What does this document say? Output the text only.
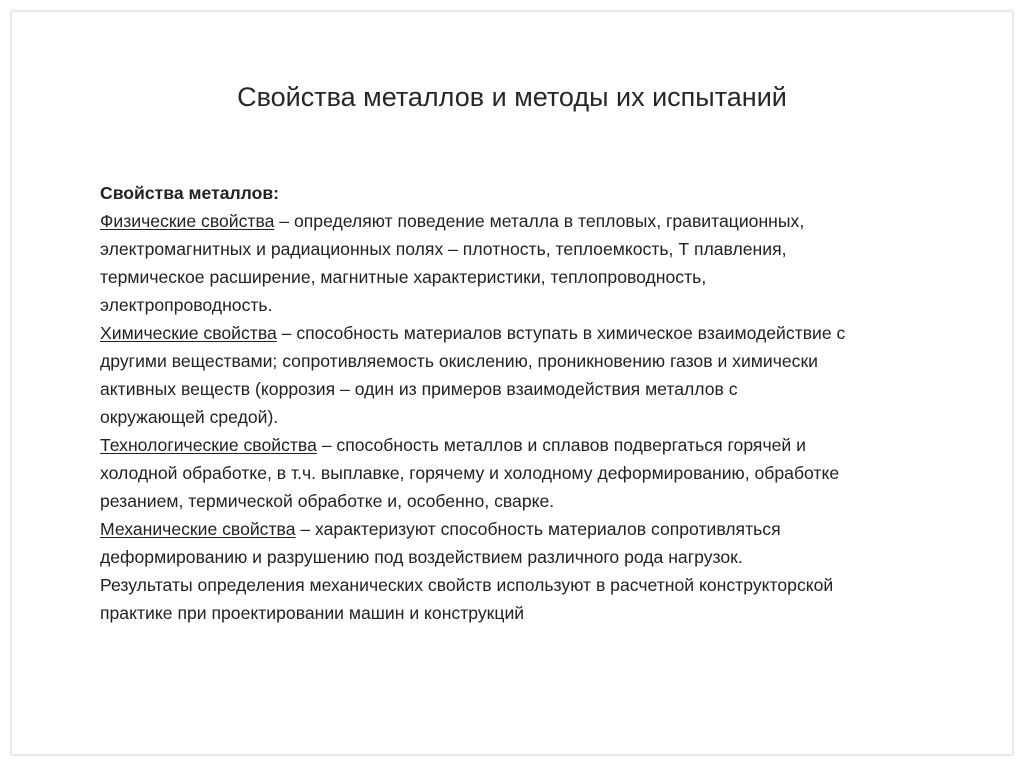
Свойства металлов и методы их испытаний
Свойства металлов:
Физические свойства – определяют поведение металла в тепловых, гравитационных,
электромагнитных и радиационных полях – плотность, теплоемкость, Т плавления,
термическое расширение, магнитные характеристики, теплопроводность,
электропроводность.
Химические свойства – способность материалов вступать в химическое взаимодействие с
другими веществами; сопротивляемость окислению, проникновению газов и химически
активных веществ (коррозия – один из примеров взаимодействия металлов с
окружающей средой).
Технологические свойства – способность металлов и сплавов подвергаться горячей и
холодной обработке, в т.ч. выплавке, горячему и холодному деформированию, обработке
резанием, термической обработке и, особенно, сварке.
Механические свойства – характеризуют способность материалов сопротивляться
деформированию и разрушению под воздействием различного рода нагрузок.
Результаты определения механических свойств используют в расчетной конструкторской
практике при проектировании машин и конструкций
